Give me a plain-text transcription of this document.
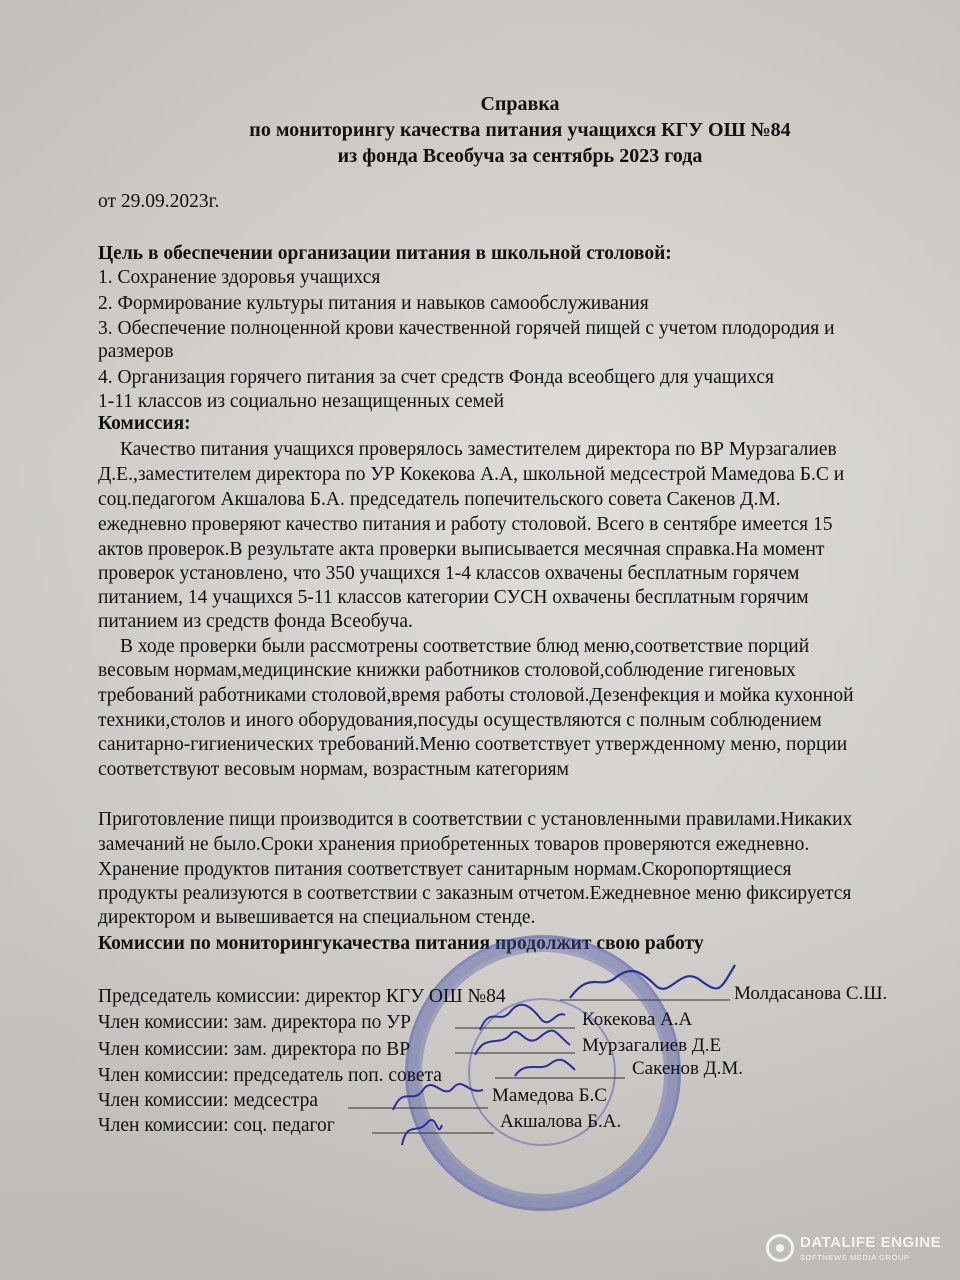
Справка
по мониторингу качества питания учащихся КГУ ОШ №84
из фонда Всеобуча за сентябрь 2023 года
от 29.09.2023г.
Цель в обеспечении организации питания в школьной столовой:
1. Сохранение здоровья учащихся
2. Формирование культуры питания и навыков самообслуживания
3. Обеспечение полноценной крови качественной горячей пищей с учетом плодородия и
размеров
4. Организация горячего питания за счет средств Фонда всеобщего для учащихся
1-11 классов из социально незащищенных семей
Комиссия:
Качество питания учащихся проверялось заместителем директора по ВР Мурзагалиев
Д.Е.,заместителем директора по УР Кокекова А.А, школьной медсестрой Мамедова Б.С и
соц.педагогом Акшалова Б.А. председатель попечительского совета Сакенов Д.М.
ежедневно проверяют качество питания и работу столовой. Всего в сентябре имеется 15
актов проверок.В результате акта проверки выписывается месячная справка.На момент
проверок установлено, что 350 учащихся 1-4 классов охвачены бесплатным горячем
питанием, 14 учащихся 5-11 классов категории СУСН охвачены бесплатным горячим
питанием из средств фонда Всеобуча.
В ходе проверки были рассмотрены соответствие блюд меню,соответствие порций
весовым нормам,медицинские книжки работников столовой,соблюдение гигеновых
требований работниками столовой,время работы столовой.Дезенфекция и мойка кухонной
техники,столов и иного оборудования,посуды осуществляются с полным соблюдением
санитарно-гигиенических требований.Меню соответствует утвержденному меню, порции
соответствуют весовым нормам, возрастным категориям
Приготовление пищи производится в соответствии с установленными правилами.Никаких
замечаний не было.Сроки хранения приобретенных товаров проверяются ежедневно.
Хранение продуктов питания соответствует санитарным нормам.Скоропортящиеся
продукты реализуются в соответствии с заказным отчетом.Ежедневное меню фиксируется
директором и вывешивается на специальном стенде.
Комиссии по мониторингукачества питания продолжит свою работу
Председатель комиссии: директор КГУ ОШ №84	Молдасанова С.Ш.
Член комиссии: зам. директора по УР	Кокекова А.А
Член комиссии: зам. директора по ВР	Мурзагалиев Д.Е
Член комиссии: председатель поп. совета	Сакенов Д.М.
Член комиссии: медсестра	Мамедова Б.С
Член комиссии: соц. педагог	Акшалова Б.А.
DATALIFE ENGINE
SOFTNEWS MEDIA GROUP
